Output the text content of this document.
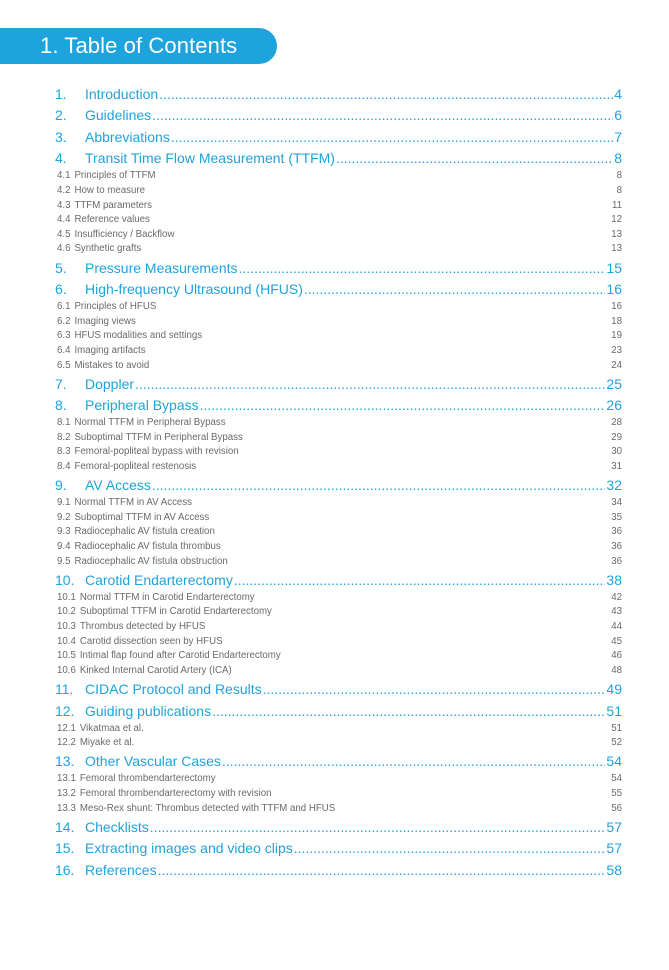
1. Table of Contents
1.	Introduction .....	4
2.	Guidelines .....	6
3.	Abbreviations .....	7
4.	Transit Time Flow Measurement (TTFM) .....	8
4.1 Principles of TTFM	8
4.2 How to measure	8
4.3 TTFM parameters	11
4.4 Reference values	12
4.5 Insufficiency / Backflow	13
4.6 Synthetic grafts	13
5.	Pressure Measurements .....	15
6.	High-frequency Ultrasound (HFUS) .....	16
6.1 Principles of HFUS	16
6.2 Imaging views	18
6.3 HFUS modalities and settings	19
6.4 Imaging artifacts	23
6.5 Mistakes to avoid	24
7.	Doppler .....	25
8.	Peripheral Bypass .....	26
8.1 Normal TTFM in Peripheral Bypass	28
8.2 Suboptimal TTFM in Peripheral Bypass	29
8.3 Femoral-popliteal bypass with revision	30
8.4 Femoral-popliteal restenosis	31
9.	AV Access .....	32
9.1 Normal TTFM in AV Access	34
9.2 Suboptimal TTFM in AV Access	35
9.3 Radiocephalic AV fistula creation	36
9.4 Radiocephalic AV fistula thrombus	36
9.5 Radiocephalic AV fistula obstruction	36
10. Carotid Endarterectomy .....	38
10.1 Normal TTFM in Carotid Endarterectomy	42
10.2 Suboptimal TTFM in Carotid Endarterectomy	43
10.3 Thrombus detected by HFUS	44
10.4 Carotid dissection seen by HFUS	45
10.5 Intimal flap found after Carotid Endarterectomy	46
10.6 Kinked Internal Carotid Artery (ICA)	48
11. CIDAC Protocol and Results .....	49
12. Guiding publications .....	51
12.1 Vikatmaa et al.	51
12.2 Miyake et al.	52
13. Other Vascular Cases .....	54
13.1 Femoral thrombendarterectomy	54
13.2 Femoral thrombendarterectomy with revision	55
13.3 Meso-Rex shunt: Thrombus detected with TTFM and HFUS	56
14. Checklists .....	57
15. Extracting images and video clips .....	57
16. References .....	58
